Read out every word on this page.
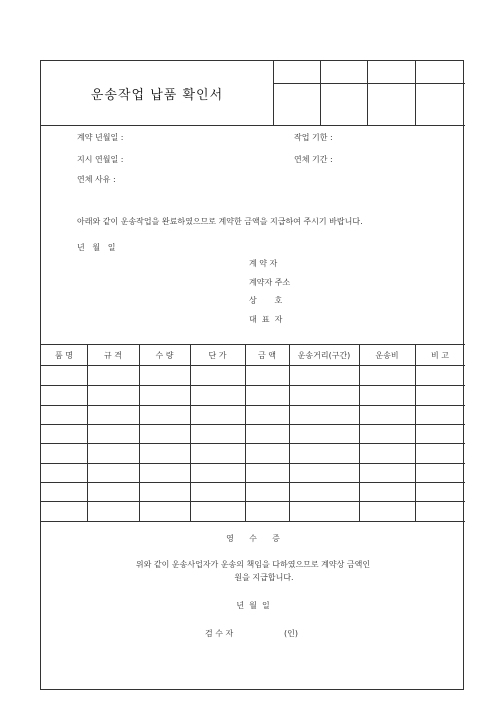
운송작업 납품 확인서
계약 년월일 :	작업 기한 :
지시 연월일 :	연체 기간 :
연체 사유 :
아래와 같이 운송작업을 완료하였으므로 계약한 금액을 지급하여 주시기 바랍니다.
년   월   일
계 약 자
계약자 주소
상       호
대  표  자
품 명	규 격	수 량	단 가	금 액	운송거리(구간)	운송비	비 고
영      수      증
위와 같이 운송사업자가 운송의 책임을 다하였으므로 계약상 금액인
원을 지급합니다.
년  월  일
검 수 자	(인)
